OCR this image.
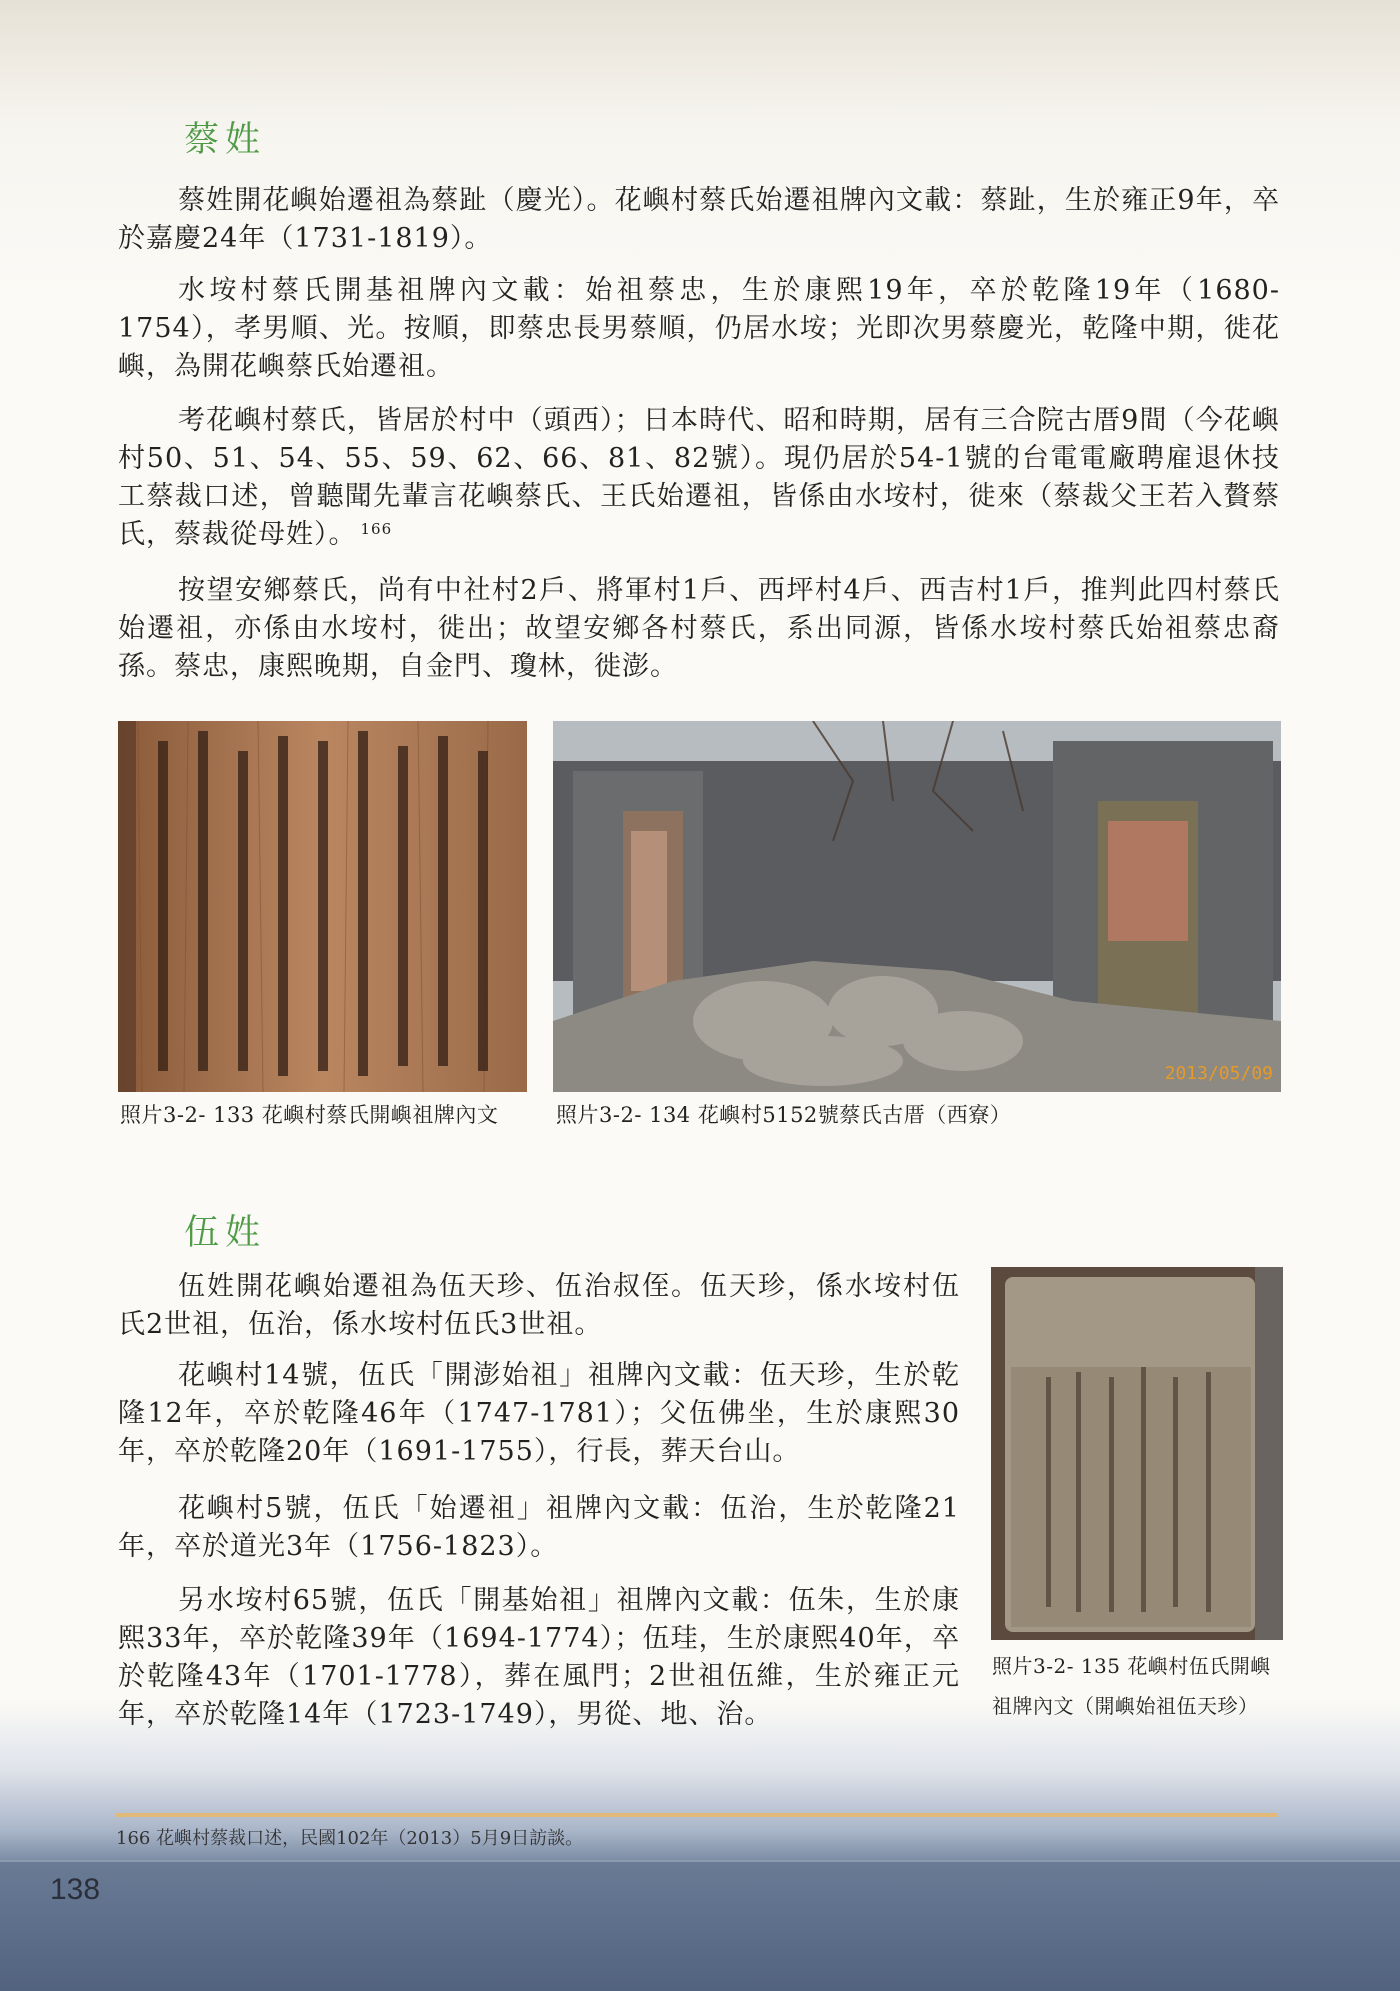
蔡姓

蔡姓開花嶼始遷祖為蔡趾（慶光）。花嶼村蔡氏始遷祖牌內文載：蔡趾，生於雍正9年，卒於嘉慶24年（1731-1819）。

水垵村蔡氏開基祖牌內文載：始祖蔡忠，生於康熙19年，卒於乾隆19年（1680-1754），孝男順、光。按順，即蔡忠長男蔡順，仍居水垵；光即次男蔡慶光，乾隆中期，徙花嶼，為開花嶼蔡氏始遷祖。

考花嶼村蔡氏，皆居於村中（頭西）；日本時代、昭和時期，居有三合院古厝9間（今花嶼村50、51、54、55、59、62、66、81、82號）。現仍居於54-1號的台電電廠聘雇退休技工蔡裁口述，曾聽聞先輩言花嶼蔡氏、王氏始遷祖，皆係由水垵村，徙來（蔡裁父王若入贅蔡氏，蔡裁從母姓）。 $^{166}$

按望安鄉蔡氏，尚有中社村2戶、將軍村1戶、西坪村4戶、西吉村1戶，推判此四村蔡氏始遷祖，亦係由水垵村，徙出；故望安鄉各村蔡氏，系出同源，皆係水垵村蔡氏始祖蔡忠裔孫。蔡忠，康熙晚期，自金門、瓊林，徙澎。

2013/05/09

照片3-2- 133 花嶼村蔡氏開嶼祖牌內文	照片3-2- 134 花嶼村5152號蔡氏古厝（西寮）

伍姓

伍姓開花嶼始遷祖為伍天珍、伍治叔侄。伍天珍，係水垵村伍氏2世祖，伍治，係水垵村伍氏3世祖。

花嶼村14號，伍氏「開澎始祖」祖牌內文載：伍天珍，生於乾隆12年，卒於乾隆46年（1747-1781）；父伍佛坐，生於康熙30年，卒於乾隆20年（1691-1755），行長，葬天台山。

花嶼村5號，伍氏「始遷祖」祖牌內文載：伍治，生於乾隆21年，卒於道光3年（1756-1823）。

另水垵村65號，伍氏「開基始祖」祖牌內文載：伍朱，生於康熙33年，卒於乾隆39年（1694-1774）；伍珪，生於康熙40年，卒於乾隆43年（1701-1778），葬在風門；2世祖伍維，生於雍正元年，卒於乾隆14年（1723-1749），男從、地、治。

照片3-2- 135 花嶼村伍氏開嶼

祖牌內文（開嶼始祖伍天珍）

166 花嶼村蔡裁口述，民國102年（2013）5月9日訪談。

138
